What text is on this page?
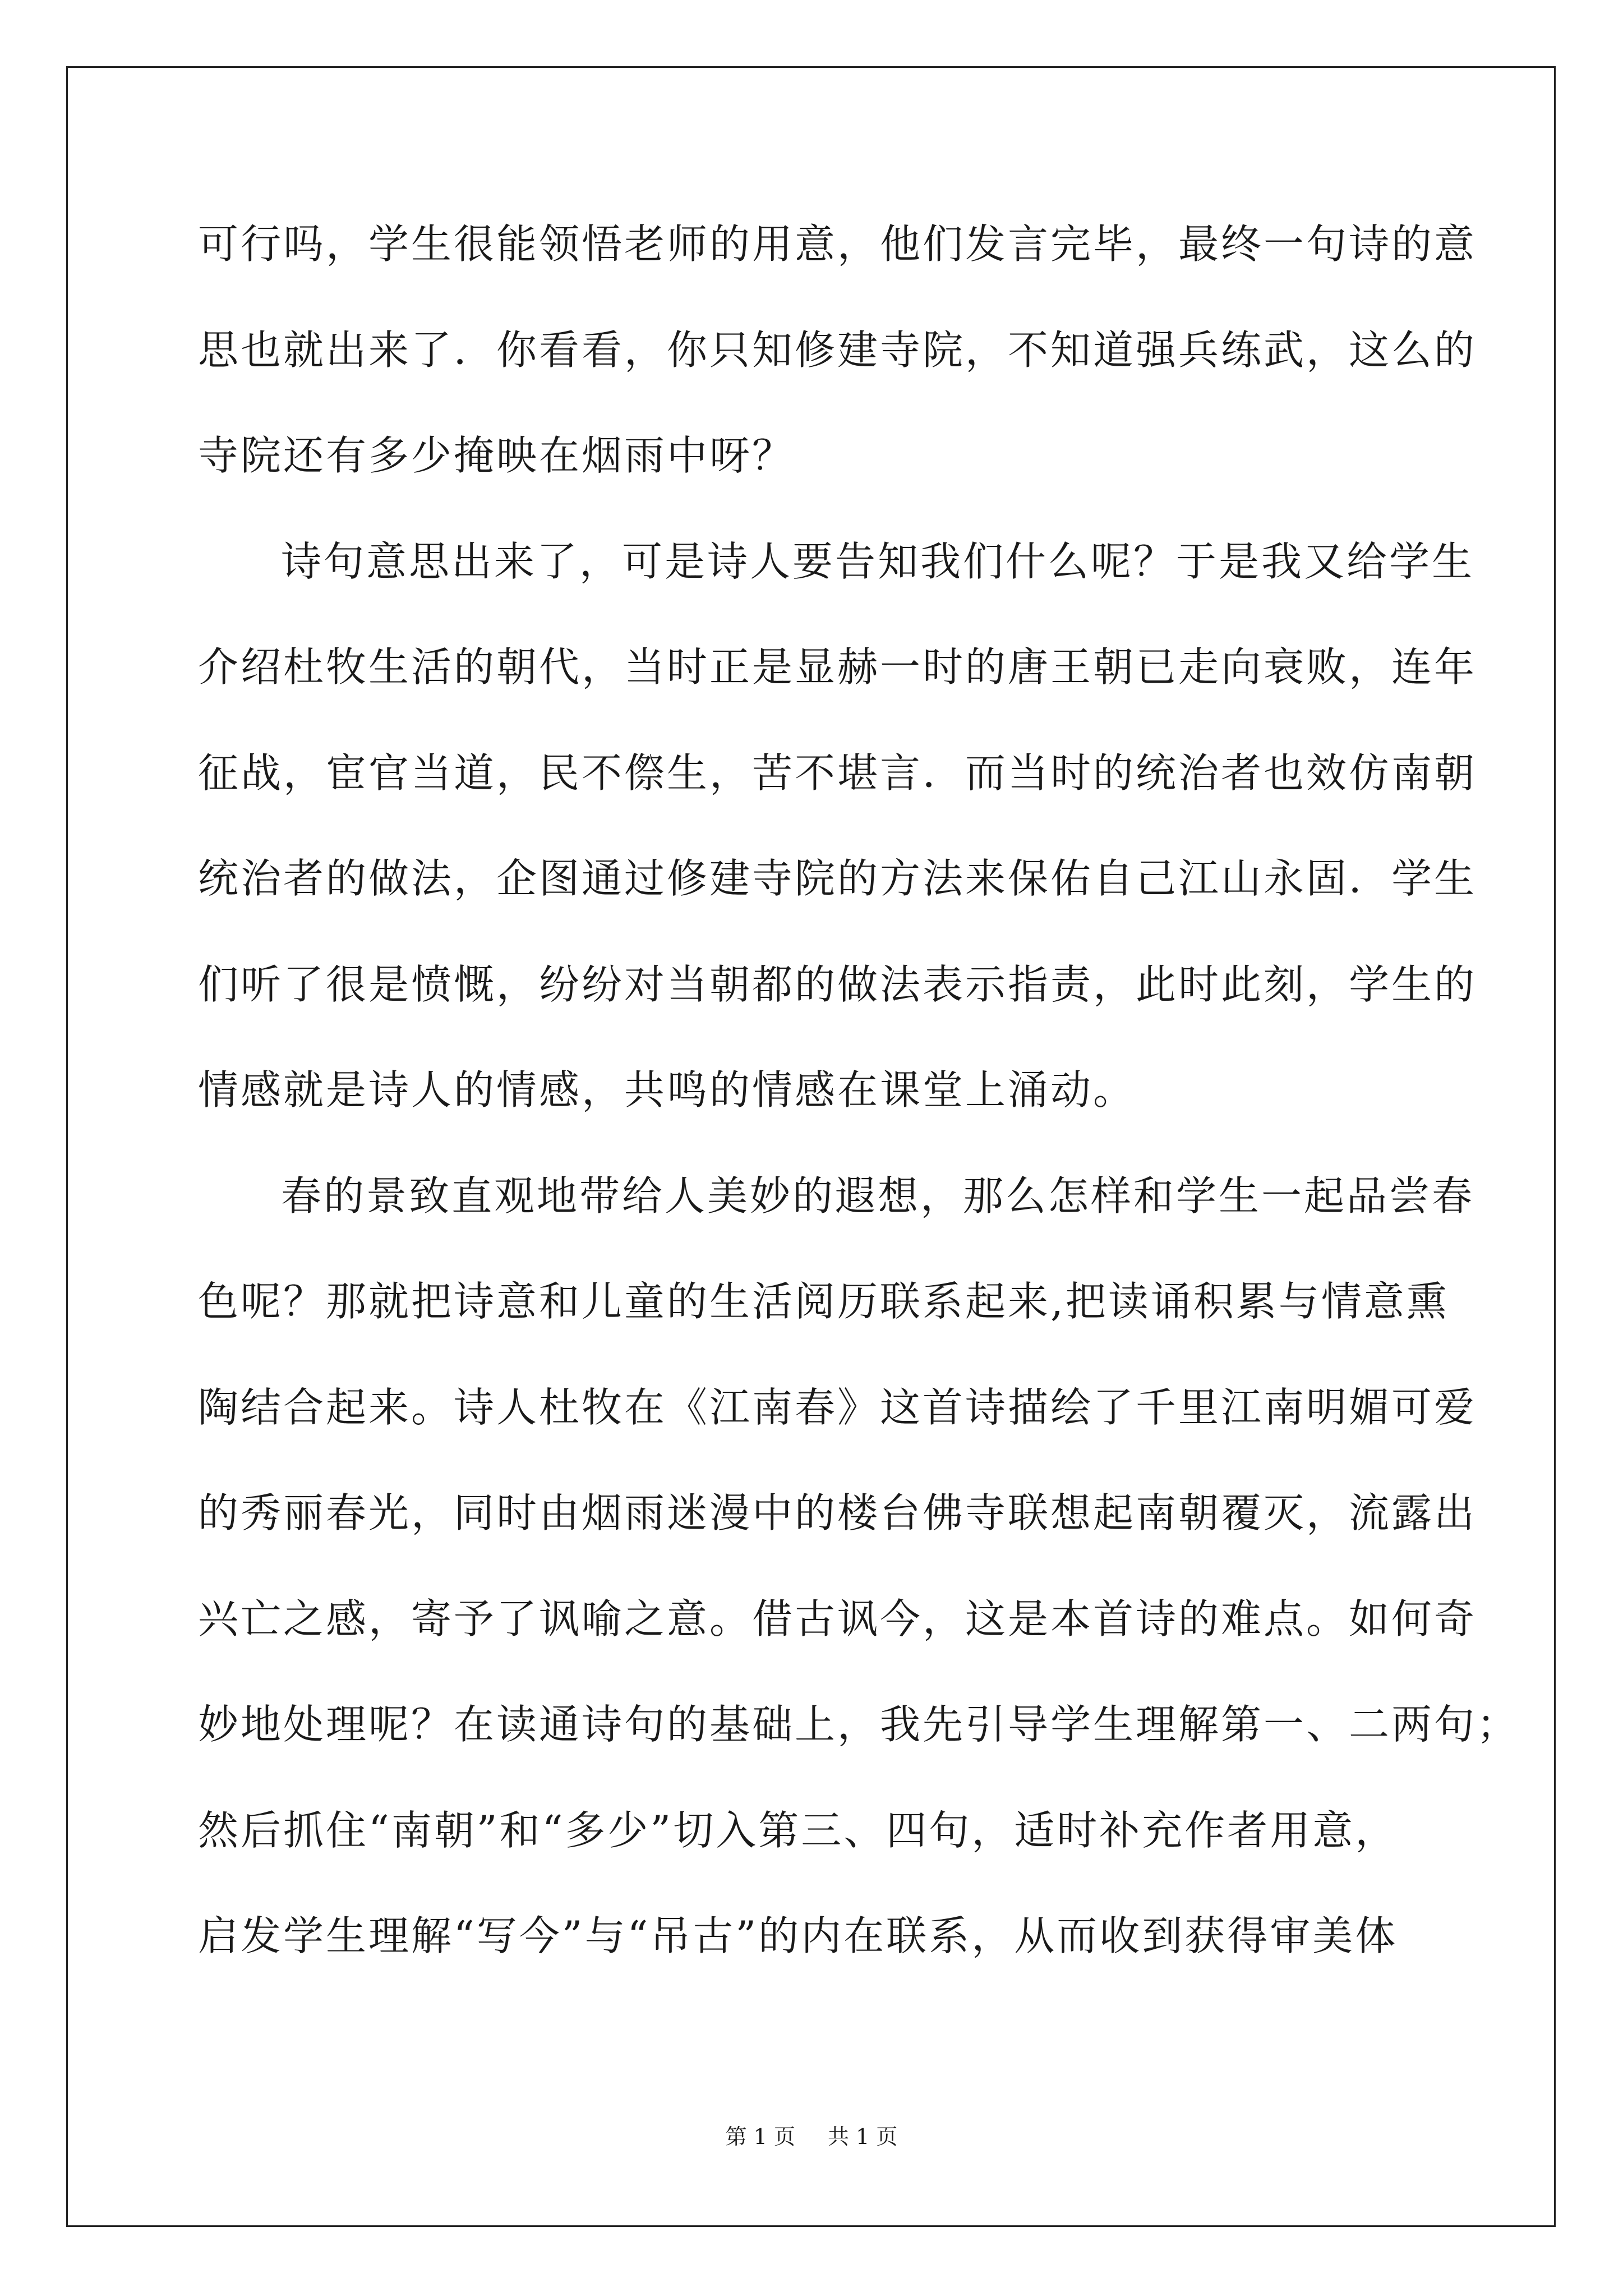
可行吗，学生很能领悟老师的用意，他们发言完毕，最终一句诗的意
思也就出来了．你看看，你只知修建寺院，不知道强兵练武，这么的
寺院还有多少掩映在烟雨中呀？
诗句意思出来了，可是诗人要告知我们什么呢？于是我又给学生
介绍杜牧生活的朝代，当时正是显赫一时的唐王朝已走向衰败，连年
征战，宦官当道，民不傺生，苦不堪言．而当时的统治者也效仿南朝
统治者的做法，企图通过修建寺院的方法来保佑自己江山永固．学生
们听了很是愤慨，纷纷对当朝都的做法表示指责，此时此刻，学生的
情感就是诗人的情感，共鸣的情感在课堂上涌动。
春的景致直观地带给人美妙的遐想，那么怎样和学生一起品尝春
色呢？那就把诗意和儿童的生活阅历联系起来,把读诵积累与情意熏
陶结合起来。诗人杜牧在《江南春》这首诗描绘了千里江南明媚可爱
的秀丽春光，同时由烟雨迷漫中的楼台佛寺联想起南朝覆灭，流露出
兴亡之感，寄予了讽喻之意。借古讽今，这是本首诗的难点。如何奇
妙地处理呢？在读通诗句的基础上，我先引导学生理解第一、二两句；
然后抓住“南朝”和“多少”切入第三、四句，适时补充作者用意，
启发学生理解“写今”与“吊古”的内在联系，从而收到获得审美体
第 1 页 共 1 页
